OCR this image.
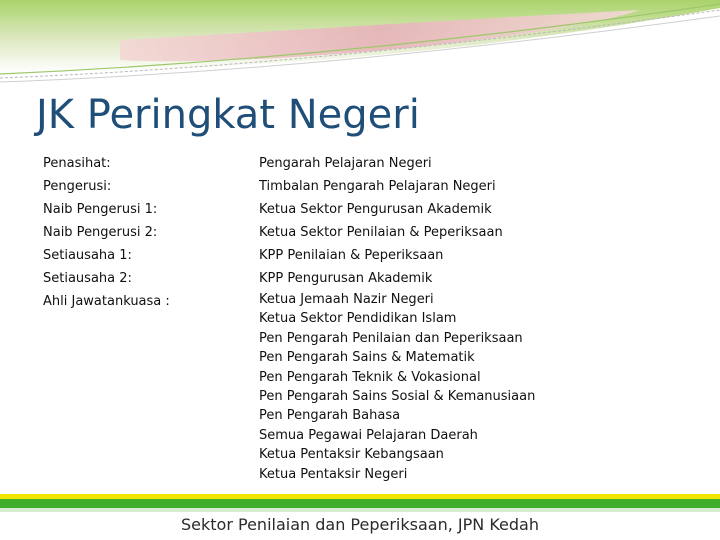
JK Peringkat Negeri
Penasihat:
Pengerusi:
Naib Pengerusi 1:
Naib Pengerusi 2:
Setiausaha 1:
Setiausaha 2:
Ahli Jawatankuasa :
Pengarah Pelajaran Negeri
Timbalan Pengarah Pelajaran Negeri
Ketua Sektor Pengurusan Akademik
Ketua Sektor Penilaian & Peperiksaan
KPP Penilaian & Peperiksaan
KPP Pengurusan Akademik
Ketua Jemaah Nazir Negeri
Ketua Sektor Pendidikan Islam
Pen Pengarah Penilaian dan Peperiksaan
Pen Pengarah Sains & Matematik
Pen Pengarah Teknik & Vokasional
Pen Pengarah Sains Sosial & Kemanusiaan
Pen Pengarah Bahasa
Semua Pegawai Pelajaran Daerah
Ketua Pentaksir Kebangsaan
Ketua Pentaksir Negeri
Sektor Penilaian dan Peperiksaan, JPN Kedah
